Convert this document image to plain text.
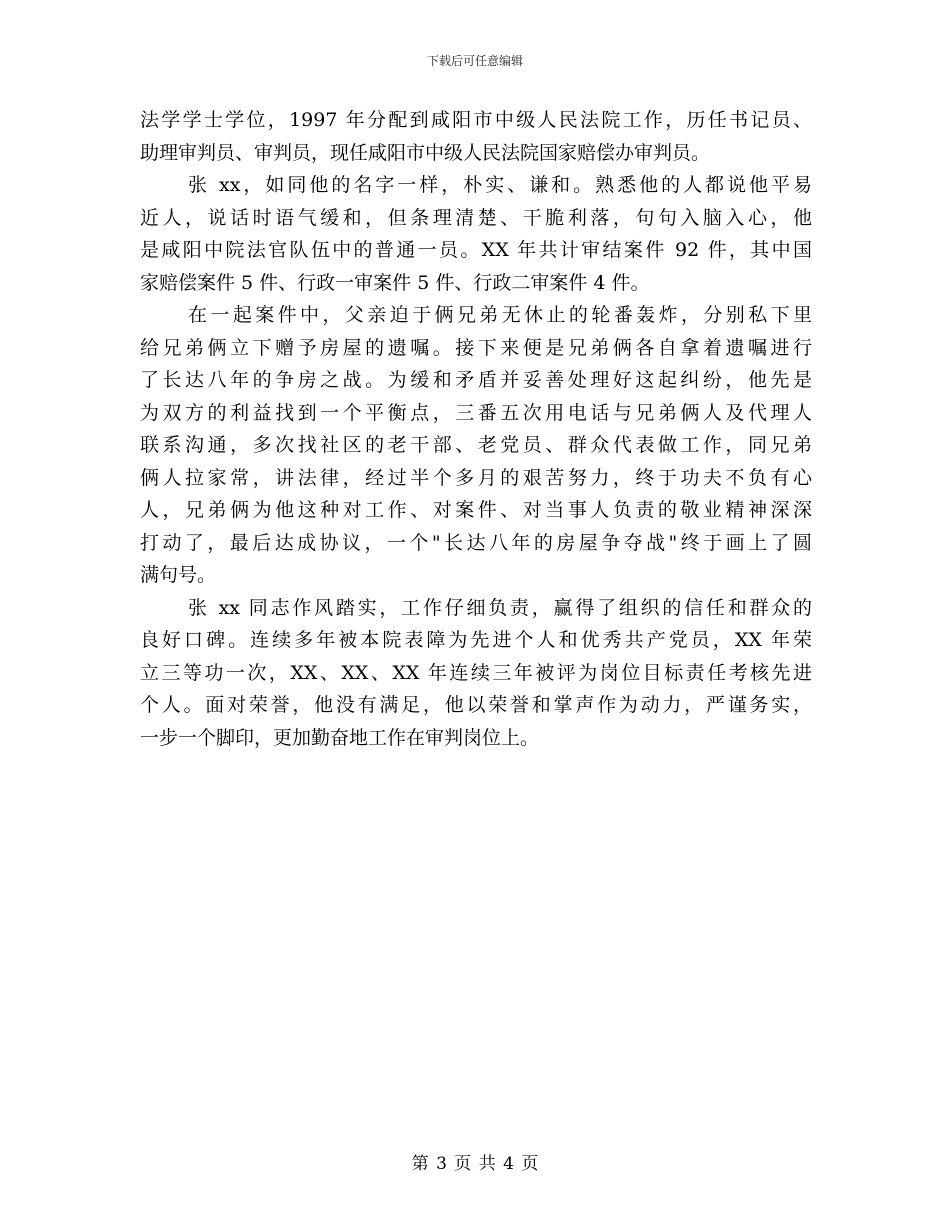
下载后可任意编辑
法学学士学位，1997 年分配到咸阳市中级人民法院工作，历任书记员、
助理审判员、审判员，现任咸阳市中级人民法院国家赔偿办审判员。
张 xx，如同他的名字一样，朴实、谦和。熟悉他的人都说他平易
近人，说话时语气缓和，但条理清楚、干脆利落，句句入脑入心，他
是咸阳中院法官队伍中的普通一员。XX 年共计审结案件 92 件，其中国
家赔偿案件 5 件、行政一审案件 5 件、行政二审案件 4 件。
在一起案件中，父亲迫于俩兄弟无休止的轮番轰炸，分别私下里
给兄弟俩立下赠予房屋的遗嘱。接下来便是兄弟俩各自拿着遗嘱进行
了长达八年的争房之战。为缓和矛盾并妥善处理好这起纠纷，他先是
为双方的利益找到一个平衡点，三番五次用电话与兄弟俩人及代理人
联系沟通，多次找社区的老干部、老党员、群众代表做工作，同兄弟
俩人拉家常，讲法律，经过半个多月的艰苦努力，终于功夫不负有心
人，兄弟俩为他这种对工作、对案件、对当事人负责的敬业精神深深
打动了，最后达成协议，一个"长达八年的房屋争夺战"终于画上了圆
满句号。
张 xx 同志作风踏实，工作仔细负责，赢得了组织的信任和群众的
良好口碑。连续多年被本院表障为先进个人和优秀共产党员，XX 年荣
立三等功一次，XX、XX、XX 年连续三年被评为岗位目标责任考核先进
个人。面对荣誉，他没有满足，他以荣誉和掌声作为动力，严谨务实，
一步一个脚印，更加勤奋地工作在审判岗位上。
第 3 页 共 4 页
